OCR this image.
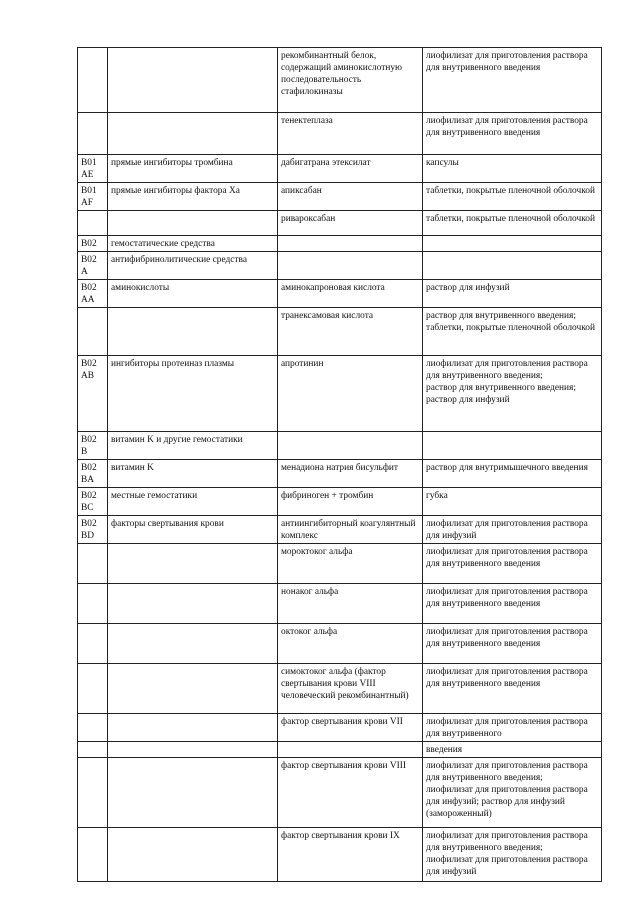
		рекомбинантный белок, содержащий аминокислотную последовательность стафилокиназы	лиофилизат для приготовления раствора для внутривенного введения

		тенектеплаза	лиофилизат для приготовления раствора для внутривенного введения

B01 AE	прямые ингибиторы тромбина	дабигатрана этексилат	капсулы

B01 AF	прямые ингибиторы фактора Xa	апиксабан	таблетки, покрытые пленочной оболочкой

		ривароксабан	таблетки, покрытые пленочной оболочкой

B02	гемостатические средства		

B02 A	антифибринолитические средства		

B02 AA	аминокислоты	аминокапроновая кислота	раствор для инфузий

		транексамовая кислота	раствор для внутривенного введения;
таблетки, покрытые пленочной оболочкой

B02 AB	ингибиторы протеиназ плазмы	апротинин	лиофилизат для приготовления раствора для внутривенного введения;
раствор для внутривенного введения;
раствор для инфузий

B02 B	витамин K и другие гемостатики		

B02 BA	витамин K	менадиона натрия бисульфит	раствор для внутримышечного введения

B02 BC	местные гемостатики	фибриноген + тромбин	губка

B02 BD	факторы свертывания крови	антиингибиторный коагулянтный комплекс	лиофилизат для приготовления раствора для инфузий

		мороктоког альфа	лиофилизат для приготовления раствора для внутривенного введения

		нонаког альфа	лиофилизат для приготовления раствора для внутривенного введения

		октоког альфа	лиофилизат для приготовления раствора для внутривенного введения

		симоктоког альфа (фактор свертывания крови VIII человеческий рекомбинантный)	лиофилизат для приготовления раствора для внутривенного введения

		фактор свертывания крови VII	лиофилизат для приготовления раствора для внутривенного

			введения

		фактор свертывания крови VIII	лиофилизат для приготовления раствора для внутривенного введения;
лиофилизат для приготовления раствора для инфузий; раствор для инфузий (замороженный)

		фактор свертывания крови IX	лиофилизат для приготовления раствора для внутривенного введения;
лиофилизат для приготовления раствора для инфузий
